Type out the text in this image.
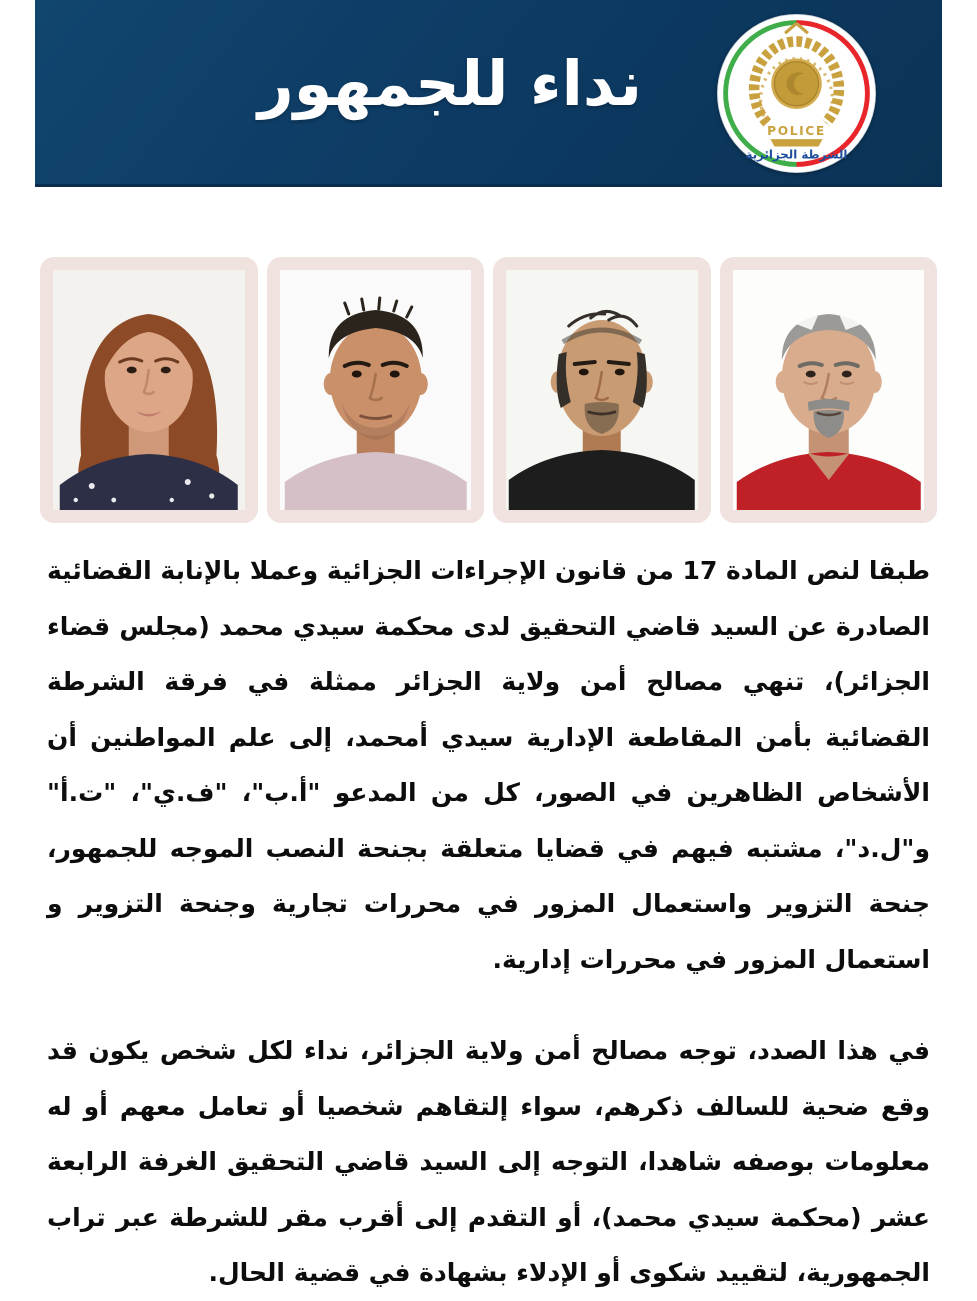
نداء للجمهور
POLICE
الشرطة الجزائرية

طبقا لنص المادة 17 من قانون الإجراءات الجزائية وعملا بالإنابة القضائية الصادرة عن السيد قاضي التحقيق لدى محكمة سيدي محمد (مجلس قضاء الجزائر)، تنهي مصالح أمن ولاية الجزائر ممثلة في فرقة الشرطة القضائية بأمن المقاطعة الإدارية سيدي أمحمد، إلى علم المواطنين أن الأشخاص الظاهرين في الصور، كل من المدعو "أ.ب"، "ف.ي"، "ت.أ" و"ل.د"، مشتبه فيهم في قضايا متعلقة بجنحة النصب الموجه للجمهور، جنحة التزوير واستعمال المزور في محررات تجارية وجنحة التزوير و استعمال المزور في محررات إدارية.

في هذا الصدد، توجه مصالح أمن ولاية الجزائر، نداء لكل شخص يكون قد وقع ضحية للسالف ذكرهم، سواء إلتقاهم شخصيا أو تعامل معهم أو له معلومات بوصفه شاهدا، التوجه إلى السيد قاضي التحقيق الغرفة الرابعة عشر (محكمة سيدي محمد)، أو التقدم إلى أقرب مقر للشرطة عبر تراب الجمهورية، لتقييد شكوى أو الإدلاء بشهادة في قضية الحال.
